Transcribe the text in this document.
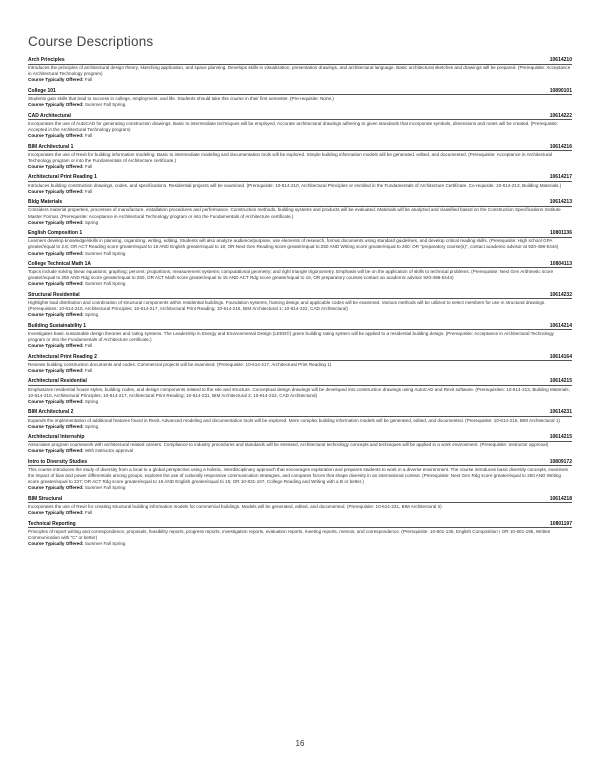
Course Descriptions
Arch Principles	10614210
Introduces the principles of architectural design theory, sketching application, and space planning. Develops skills in visualization, presentation drawings, and architectural language. Basic architectural sketches and drawings will be prepared. (Prerequisite: Acceptance in Architectural Technology program)
Course Typically Offered: Fall
College 101	10890101
Students gain skills that lead to success in college, employment, and life. Students should take this course in their first semester. (Pre-requisite: None.)
Course Typically Offered: Summer Fall Spring
CAD Architectural	10614222
Incorporates the use of AutoCAD for generating construction drawings. Basic to intermediate techniques will be employed. Accurate architectural drawings adhering to given standards that incorporate symbols, dimensions and notes will be created. (Prerequisite: Accepted in the Architectural Technology program)
Course Typically Offered: Fall
BIM Architectural 1	10614216
Incorporates the use of Revit for building information modeling. Basic to intermediate modeling and documentation tools will be explored. Simple building information models will be generated, edited, and documented. (Prerequisite: Acceptance in Architectural Technology program or into the Fundamentals of Architecture certificate.)
Course Typically Offered: Fall
Architectural Print Reading 1	10614217
Introduces building construction drawings, codes, and specifications. Residential projects will be examined. (Prerequisite: 10-614-210, Architectural Principles or enrolled in the Fundamentals of Architecture Certificate. Co-requisite: 10-614-213, Building Materials.)
Course Typically Offered: Fall
Bldg Materials	10614213
Considers material properties, processes of manufacture, installation procedures and performance. Construction methods, building systems and products will be evaluated. Materials will be analyzed and classified based on the Construction Specifications Institute Master Format. (Prerequisite: Acceptance in Architectural Technology program or into the Fundamentals of Architecture certificate.)
Course Typically Offered: Spring
English Composition 1	10801136
Learners develop knowledge/skills in planning, organizing, writing, editing. Students will also analyze audience/purpose, use elements of research, format documents using standard guidelines, and develop critical reading skills. (Prerequisite: High school GPA greater/equal to 2.6; OR ACT Reading score greater/equal to 16 AND English greater/equal to 18; OR Next Gen Reading score greater/equal to 250 AND Writing score greater/equal to 260; OR "preparatory course(s)", contact academic advisor at 920-498-5444)
Course Typically Offered: Summer Fall Spring
College Technical Math 1A	10804113
Topics include solving linear equations; graphing; percent; proportions; measurement systems; computational geometry; and right triangle trigonometry. Emphasis will be on the application of skills to technical problems. (Prerequisite: Next Gen Arithmetic score greater/equal to 250 AND Rdg score greater/equal to 250, OR ACT Math score greater/equal to 15 AND ACT Rdg score greater/equal to 16, OR preparatory courses-contact an academic advisor 920-498-5444)
Course Typically Offered: Summer Fall Spring
Structural Residential	10614232
Highlights load distribution and coordination of structural components within residential buildings. Foundation systems, framing design and applicable codes will be examined. Various methods will be utilized to select members for use in structural drawings. (Prerequisites: 10-614-210, Architectural Principles; 10-614-217, Architectural Print Reading; 10-614-216, BIM Architectural 1; 10-614-222, CAD Architectural)
Course Typically Offered: Spring
Building Sustainability 1	10614214
Investigates basic sustainable design theories and rating systems. The Leadership in Energy and Environmental Design (LEED©) green building rating system will be applied to a residential building design. (Prerequisite: Acceptance in Architectural Technology program or into the Fundamentals of Architecture certificate.)
Course Typically Offered: Fall
Architectural Print Reading 2	10614164
Reviews building construction documents and codes. Commercial projects will be examined. (Prerequisite: 10-614-217, Architectural Print Reading 1)
Course Typically Offered: Fall
Architectural Residential	10614215
Emphasizes residential house styles, building codes, and design components related to the site and structure. Conceptual design drawings will be developed into construction drawings using AutoCAD and Revit software. (Prerequisites: 10-614-213, Building Materials; 10-614-210, Architectural Principles; 10-614-217, Architectural Print Reading; 10-614-231, BIM Architectural 2; 10-614-222, CAD Architectural)
Course Typically Offered: Spring
BIM Architectural 2	10614231
Expands the implementation of additional features found in Revit. Advanced modeling and documentation tools will be explored. More complex building information models will be generated, edited, and documented. (Prerequisite: 10-614-216, BIM Architectural 1)
Course Typically Offered: Spring
Architectural Internship	10614215
Associates program coursework with architectural related careers. Compliance to industry procedures and standards will be stressed. Architectural technology concepts and techniques will be applied in a work environment. (Prerequisite: Instructor approval)
Course Typically Offered: With instructor approval
Intro to Diversity Studies	10809172
This course introduces the study of diversity from a local to a global perspective using a holistic, interdisciplinary approach that encourages exploration and prepares students to work in a diverse environment. The course introduces basic diversity concepts, examines the impact of bias and power differentials among groups, explores the use of culturally responsive communication strategies, and compares forces that shape diversity in an international context. (Prerequisite: Next Gen Rdg score greater/equal to 250 AND Writing score greater/equal to 237; OR ACT Rdg score greater/equal to 16 AND English greater/equal to 15; OR 10-831-107, College Reading and Writing with a B or better.)
Course Typically Offered: Summer Fall Spring
BIM Structural	10614218
Incorporates the use of Revit for creating structural building information models for commercial buildings. Models will be generated, edited, and documented. (Prerequisite: 10-614-231, BIM Architectural 2)
Course Typically Offered: Fall
Technical Reporting	10801197
Principles of report writing and correspondence, proposals, feasibility reports, progress reports, investigation reports, evaluation reports, meeting reports, memos, and correspondence. (Prerequisite: 10-801-136, English Composition I OR 10-801-195, Written Communication with "C" or better)
Course Typically Offered: Summer Fall Spring
16
